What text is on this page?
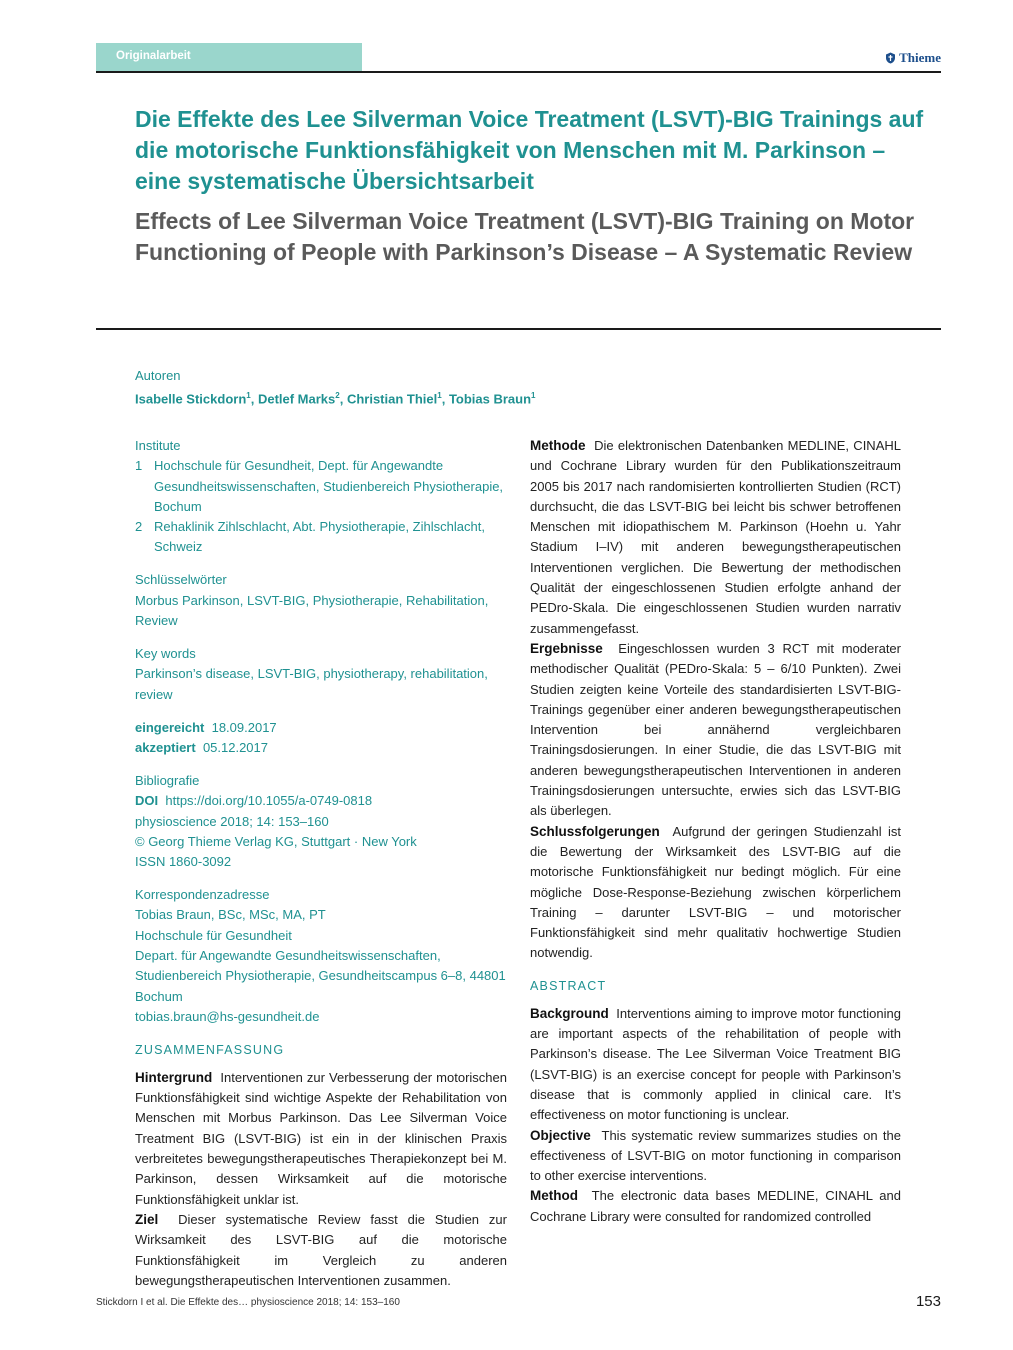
Originalarbeit	Thieme
Die Effekte des Lee Silverman Voice Treatment (LSVT)-BIG Trainings auf die motorische Funktionsfähigkeit von Menschen mit M. Parkinson – eine systematische Übersichtsarbeit
Effects of Lee Silverman Voice Treatment (LSVT)-BIG Training on Motor Functioning of People with Parkinson’s Disease – A Systematic Review
Autoren
Isabelle Stickdorn$^1$, Detlef Marks$^2$, Christian Thiel$^1$, Tobias Braun$^1$
Institute
1 Hochschule für Gesundheit, Dept. für Angewandte Gesundheitswissenschaften, Studienbereich Physiotherapie, Bochum
2 Rehaklinik Zihlschlacht, Abt. Physiotherapie, Zihlschlacht, Schweiz
Schlüsselwörter
Morbus Parkinson, LSVT-BIG, Physiotherapie, Rehabilitation, Review
Key words
Parkinson’s disease, LSVT-BIG, physiotherapy, rehabilitation, review
eingereicht 18.09.2017
akzeptiert 05.12.2017
Bibliografie
DOI https://doi.org/10.1055/a-0749-0818
physioscience 2018; 14: 153–160
© Georg Thieme Verlag KG, Stuttgart · New York
ISSN 1860-3092
Korrespondenzadresse
Tobias Braun, BSc, MSc, MA, PT
Hochschule für Gesundheit
Depart. für Angewandte Gesundheitswissenschaften, Studienbereich Physiotherapie, Gesundheitscampus 6–8, 44801 Bochum
tobias.braun@hs-gesundheit.de
ZUSAMMENFASSUNG
Hintergrund Interventionen zur Verbesserung der motorischen Funktionsfähigkeit sind wichtige Aspekte der Rehabilitation von Menschen mit Morbus Parkinson. Das Lee Silverman Voice Treatment BIG (LSVT-BIG) ist ein in der klinischen Praxis verbreitetes bewegungstherapeutisches Therapiekonzept bei M. Parkinson, dessen Wirksamkeit auf die motorische Funktionsfähigkeit unklar ist.
Ziel Dieser systematische Review fasst die Studien zur Wirksamkeit des LSVT-BIG auf die motorische Funktionsfähigkeit im Vergleich zu anderen bewegungstherapeutischen Interventionen zusammen.
Methode Die elektronischen Datenbanken MEDLINE, CINAHL und Cochrane Library wurden für den Publikationszeitraum 2005 bis 2017 nach randomisierten kontrollierten Studien (RCT) durchsucht, die das LSVT-BIG bei leicht bis schwer betroffenen Menschen mit idiopathischem M. Parkinson (Hoehn u. Yahr Stadium I–IV) mit anderen bewegungstherapeutischen Interventionen verglichen. Die Bewertung der methodischen Qualität der eingeschlossenen Studien erfolgte anhand der PEDro-Skala. Die eingeschlossenen Studien wurden narrativ zusammengefasst.
Ergebnisse Eingeschlossen wurden 3 RCT mit moderater methodischer Qualität (PEDro-Skala: 5 – 6/10 Punkten). Zwei Studien zeigten keine Vorteile des standardisierten LSVT-BIG-Trainings gegenüber einer anderen bewegungstherapeutischen Intervention bei annähernd vergleichbaren Trainingsdosierungen. In einer Studie, die das LSVT-BIG mit anderen bewegungstherapeutischen Interventionen in anderen Trainingsdosierungen untersuchte, erwies sich das LSVT-BIG als überlegen.
Schlussfolgerungen Aufgrund der geringen Studienzahl ist die Bewertung der Wirksamkeit des LSVT-BIG auf die motorische Funktionsfähigkeit nur bedingt möglich. Für eine mögliche Dose-Response-Beziehung zwischen körperlichem Training – darunter LSVT-BIG – und motorischer Funktionsfähigkeit sind mehr qualitativ hochwertige Studien notwendig.
ABSTRACT
Background Interventions aiming to improve motor functioning are important aspects of the rehabilitation of people with Parkinson’s disease. The Lee Silverman Voice Treatment BIG (LSVT-BIG) is an exercise concept for people with Parkinson’s disease that is commonly applied in clinical care. It’s effectiveness on motor functioning is unclear.
Objective This systematic review summarizes studies on the effectiveness of LSVT-BIG on motor functioning in comparison to other exercise interventions.
Method The electronic data bases MEDLINE, CINAHL and Cochrane Library were consulted for randomized controlled
Stickdorn I et al. Die Effekte des… physioscience 2018; 14: 153–160	153
